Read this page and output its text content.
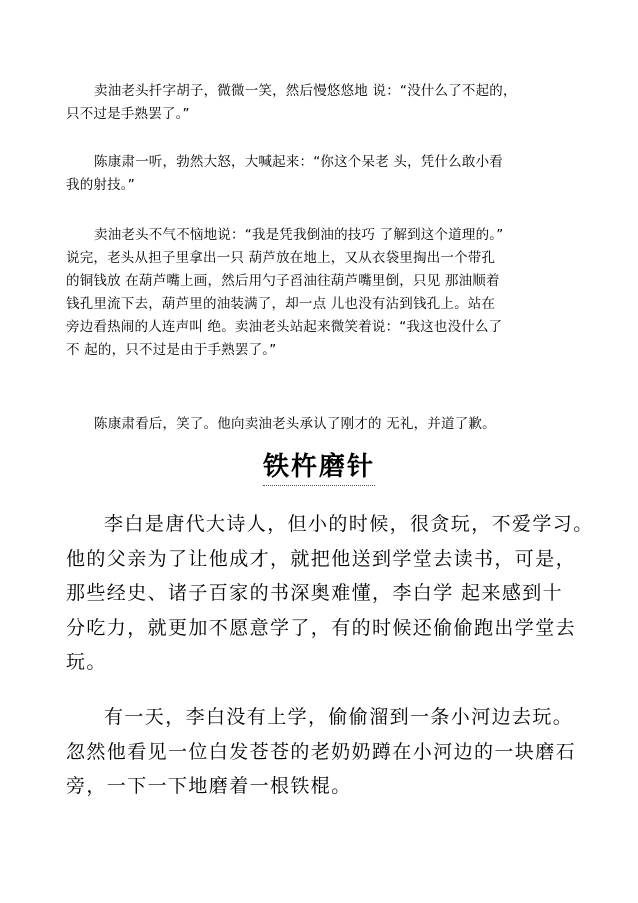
卖油老头扦字胡子，微微一笑，然后慢悠悠地 说：“没什么了不起的，
只不过是手熟罢了。”

陈康肃一听，勃然大怒，大喊起来：“你这个呆老 头，凭什么敢小看
我的射技。”

卖油老头不气不恼地说：“我是凭我倒油的技巧 了解到这个道理的。”
说完，老头从担子里拿出一只 葫芦放在地上，又从衣袋里掏出一个带孔
的铜钱放 在葫芦嘴上画，然后用勺子舀油往葫芦嘴里倒，只见 那油顺着
钱孔里流下去，葫芦里的油装满了，却一点 儿也没有沾到钱孔上。站在
旁边看热闹的人连声叫 绝。卖油老头站起来微笑着说：“我这也没什么了
不 起的，只不过是由于手熟罢了。”

陈康肃看后，笑了。他向卖油老头承认了刚才的 无礼，并道了歉。

铁杵磨针

李白是唐代大诗人，但小的时候，很贪玩，不爱学习。
他的父亲为了让他成才，就把他送到学堂去读书，可是，
那些经史、诸子百家的书深奥难懂，李白学 起来感到十
分吃力，就更加不愿意学了，有的时候还偷偷跑出学堂去
玩。

有一天，李白没有上学，偷偷溜到一条小河边去玩。
忽然他看见一位白发苍苍的老奶奶蹲在小河边的一块磨石
旁，一下一下地磨着一根铁棍。
